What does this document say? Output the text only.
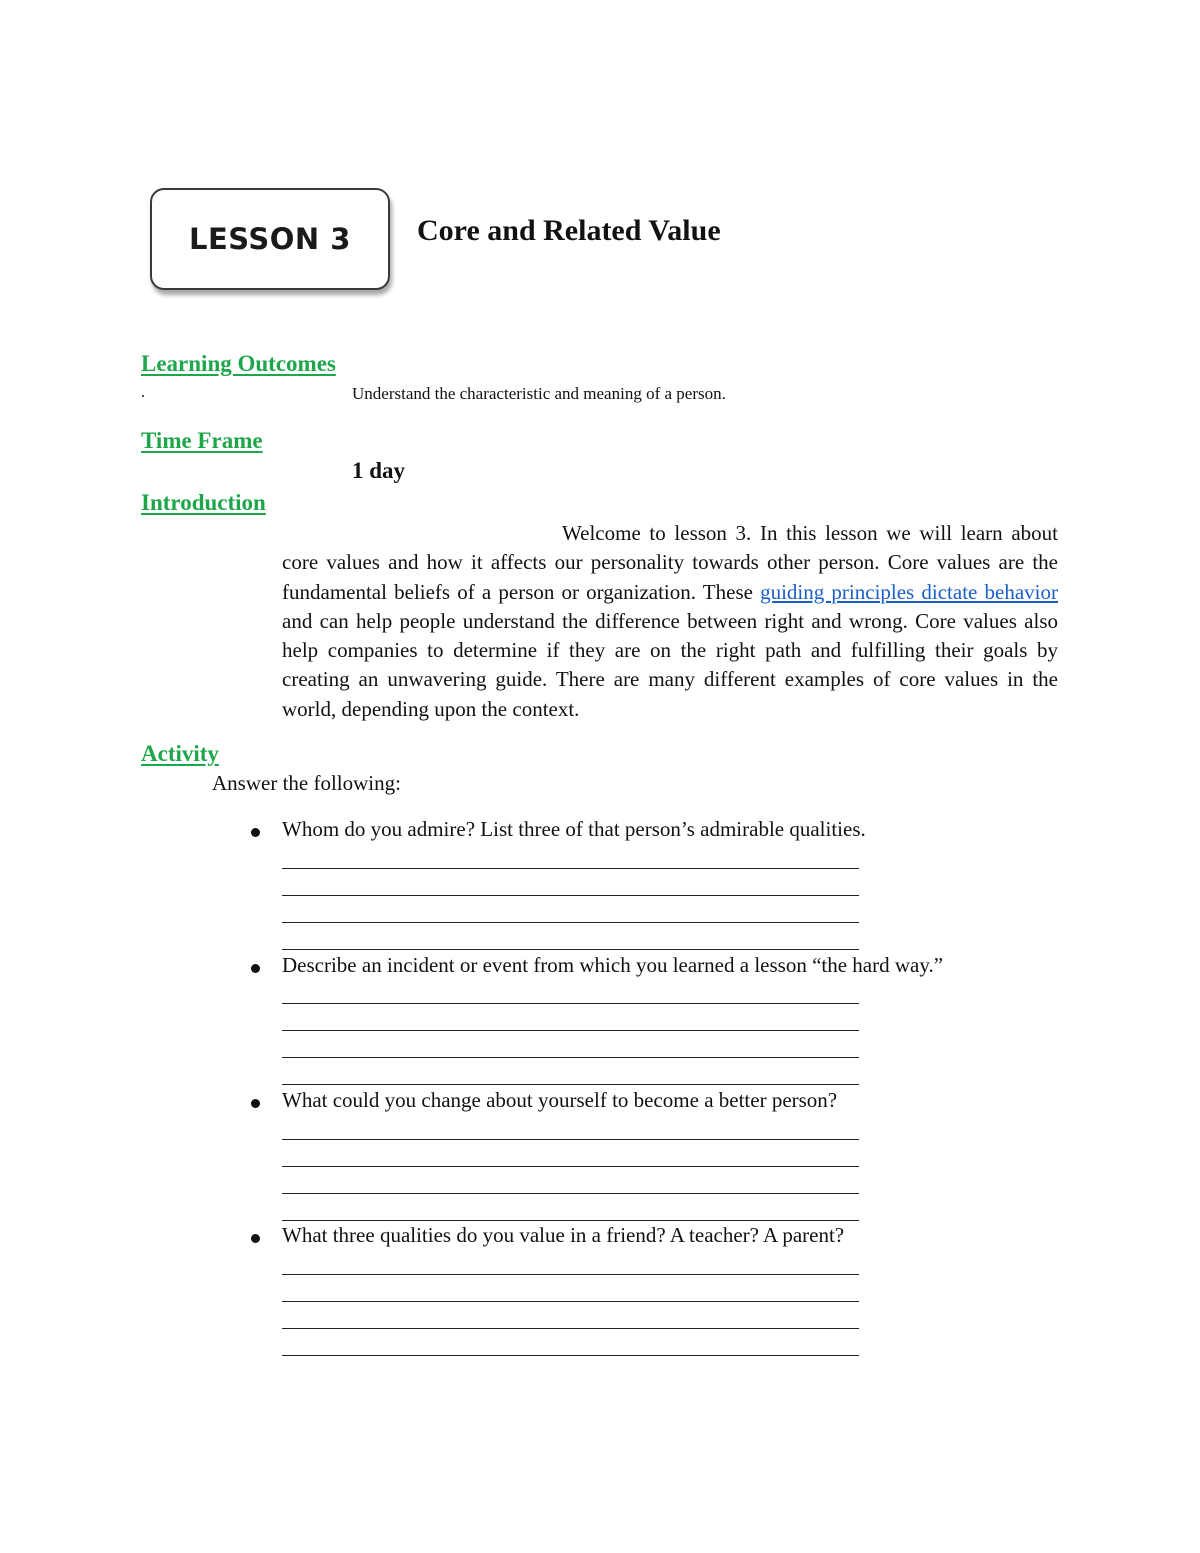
LESSON 3 Core and Related Value
Learning Outcomes
.	Understand the characteristic and meaning of a person.
Time Frame
1 day
Introduction

Welcome to lesson 3. In this lesson we will learn about core values and how it affects our personality towards other person. Core values are the fundamental beliefs of a person or organization. These guiding principles dictate behavior and can help people understand the difference between right and wrong. Core values also help companies to determine if they are on the right path and fulfilling their goals by creating an unwavering guide. There are many different examples of core values in the world, depending upon the context.

Activity
Answer the following:
Whom do you admire? List three of that person’s admirable qualities.
Describe an incident or event from which you learned a lesson “the hard way.”
What could you change about yourself to become a better person?
What three qualities do you value in a friend? A teacher? A parent?
